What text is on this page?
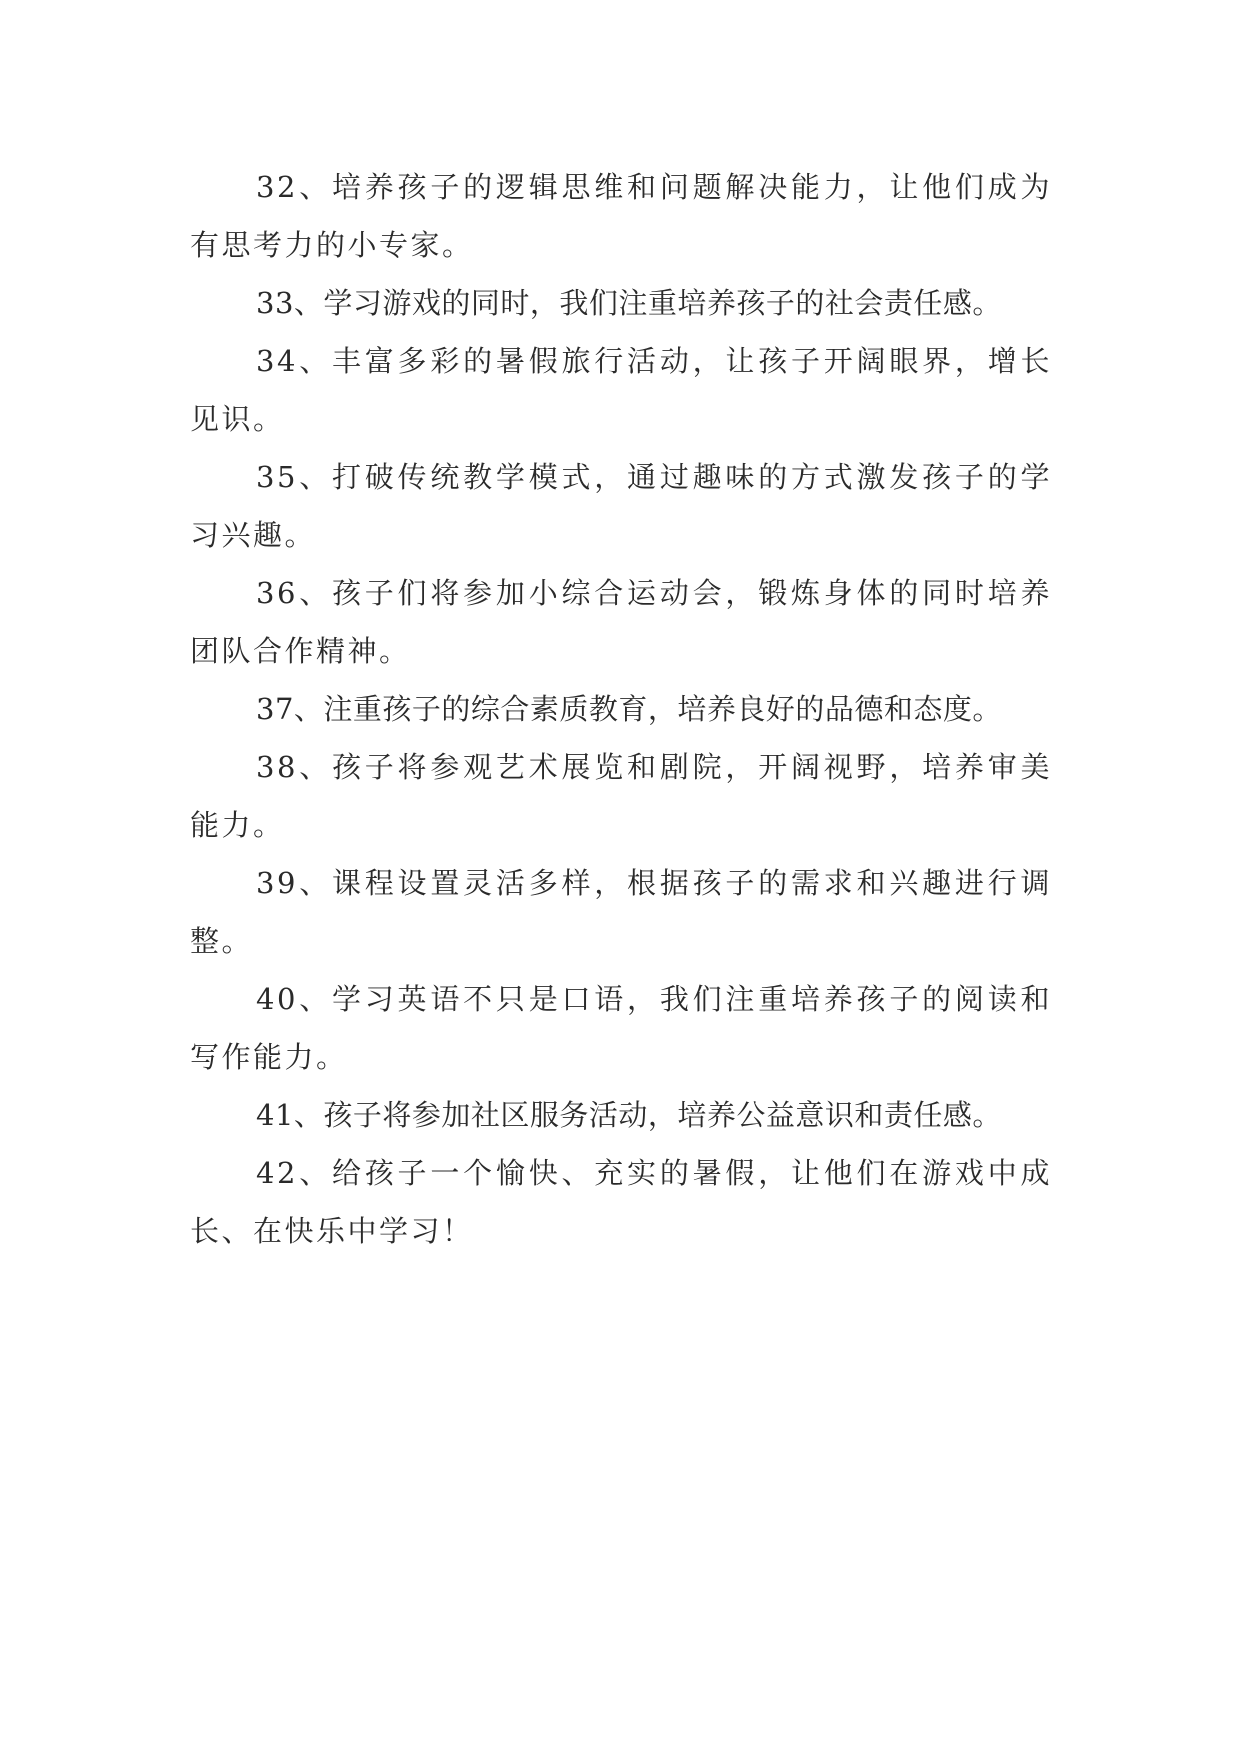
32、培养孩子的逻辑思维和问题解决能力，让他们成为有思考力的小专家。

33、学习游戏的同时，我们注重培养孩子的社会责任感。

34、丰富多彩的暑假旅行活动，让孩子开阔眼界，增长见识。

35、打破传统教学模式，通过趣味的方式激发孩子的学习兴趣。

36、孩子们将参加小综合运动会，锻炼身体的同时培养团队合作精神。

37、注重孩子的综合素质教育，培养良好的品德和态度。

38、孩子将参观艺术展览和剧院，开阔视野，培养审美能力。

39、课程设置灵活多样，根据孩子的需求和兴趣进行调整。

40、学习英语不只是口语，我们注重培养孩子的阅读和写作能力。

41、孩子将参加社区服务活动，培养公益意识和责任感。

42、给孩子一个愉快、充实的暑假，让他们在游戏中成长、在快乐中学习！
